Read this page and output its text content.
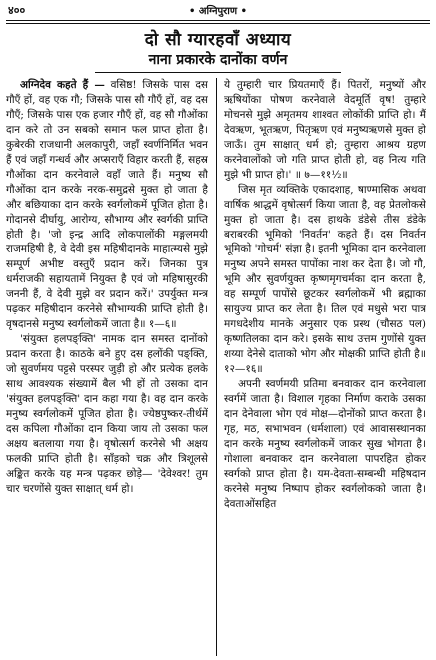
४००	• अग्निपुराण •
दो सौ ग्यारहवाँ अध्याय
नाना प्रकारके दानोंका वर्णन

अग्निदेव कहते हैं — वसिष्ठ! जिसके पास दस गौएँ हों, वह एक गौ; जिसके पास सौ गौएँ हों, वह दस गौएँ; जिसके पास एक हजार गौएँ हों, वह सौ गौओंका दान करे तो उन सबको समान फल प्राप्त होता है। कुबेरकी राजधानी अलकापुरी, जहाँ स्वर्णनिर्मित भवन हैं एवं जहाँ गन्धर्व और अप्सराएँ विहार करती हैं, सहस्र गौओंका दान करनेवाले वहाँ जाते हैं। मनुष्य सौ गौओंका दान करके नरक-समुद्रसे मुक्त हो जाता है और बछियाका दान करके स्वर्गलोकमें पूजित होता है। गोदानसे दीर्घायु, आरोग्य, सौभाग्य और स्वर्गकी प्राप्ति होती है। 'जो इन्द्र आदि लोकपालोंकी मङ्गलमयी राजमहिषी है, वे देवी इस महिषीदानके माहात्म्यसे मुझे सम्पूर्ण अभीष्ट वस्तुएँ प्रदान करें। जिनका पुत्र धर्मराजकी सहायतामें नियुक्त है एवं जो महिषासुरकी जननी हैं, वे देवी मुझे वर प्रदान करें।' उपर्युक्त मन्त्र पढ़कर महिषीदान करनेसे सौभाग्यकी प्राप्ति होती है। वृषदानसे मनुष्य स्वर्गलोकमें जाता है॥ १—६॥

'संयुक्त हलपङ्क्ति' नामक दान समस्त दानोंको प्रदान करता है। काठके बने हुए दस हलोंकी पङ्क्ति, जो सुवर्णमय पट्टसे परस्पर जुड़ी हो और प्रत्येक हलके साथ आवश्यक संख्यामें बैल भी हों तो उसका दान 'संयुक्त हलपङ्क्ति' दान कहा गया है। वह दान करके मनुष्य स्वर्गलोकमें पूजित होता है। ज्येष्ठपुष्कर-तीर्थमें दस कपिला गौओंका दान किया जाय तो उसका फल अक्षय बतलाया गया है। वृषोत्सर्ग करनेसे भी अक्षय फलकी प्राप्ति होती है। साँड़को चक्र और त्रिशूलसे अङ्कित करके यह मन्त्र पढ़कर छोड़े— 'देवेश्वर! तुम चार चरणोंसे युक्त साक्षात् धर्म हो।

ये तुम्हारी चार प्रियतमाएँ हैं। पितरों, मनुष्यों और ऋषियोंका पोषण करनेवाले वेदमूर्ति वृष! तुम्हारे मोचनसे मुझे अमृतमय शाश्वत लोकोंकी प्राप्ति हो। मैं देवऋण, भूतऋण, पितृऋण एवं मनुष्यऋणसे मुक्त हो जाऊँ। तुम साक्षात् धर्म हो; तुम्हारा आश्रय ग्रहण करनेवालोंको जो गति प्राप्त होती हो, वह नित्य गति मुझे भी प्राप्त हो।' ॥ ७—११½॥

जिस मृत व्यक्तिके एकादशाह, षाण्मासिक अथवा वार्षिक श्राद्धमें वृषोत्सर्ग किया जाता है, वह प्रेतलोकसे मुक्त हो जाता है। दस हाथके डंडेसे तीस डंडेके बराबरकी भूमिको 'निवर्तन' कहते हैं। दस निवर्तन भूमिको 'गोचर्म' संज्ञा है। इतनी भूमिका दान करनेवाला मनुष्य अपने समस्त पापोंका नाश कर देता है। जो गौ, भूमि और सुवर्णयुक्त कृष्णमृगचर्मका दान करता है, वह सम्पूर्ण पापोंसे छूटकर स्वर्गलोकमें भी ब्रह्माका सायुज्य प्राप्त कर लेता है। तिल एवं मधुसे भरा पात्र मगधदेशीय मानके अनुसार एक प्रस्थ (चौसठ पल) कृष्णतिलका दान करे। इसके साथ उत्तम गुणोंसे युक्त शय्या देनेसे दाताको भोग और मोक्षकी प्राप्ति होती है॥ १२—१६॥

अपनी स्वर्णमयी प्रतिमा बनवाकर दान करनेवाला स्वर्गमें जाता है। विशाल गृहका निर्माण कराके उसका दान देनेवाला भोग एवं मोक्ष—दोनोंको प्राप्त करता है। गृह, मठ, सभाभवन (धर्मशाला) एवं आवासस्थानका दान करके मनुष्य स्वर्गलोकमें जाकर सुख भोगता है। गोशाला बनवाकर दान करनेवाला पापरहित होकर स्वर्गको प्राप्त होता है। यम-देवता-सम्बन्धी महिषदान करनेसे मनुष्य निष्पाप होकर स्वर्गलोकको जाता है। देवताओंसहित
